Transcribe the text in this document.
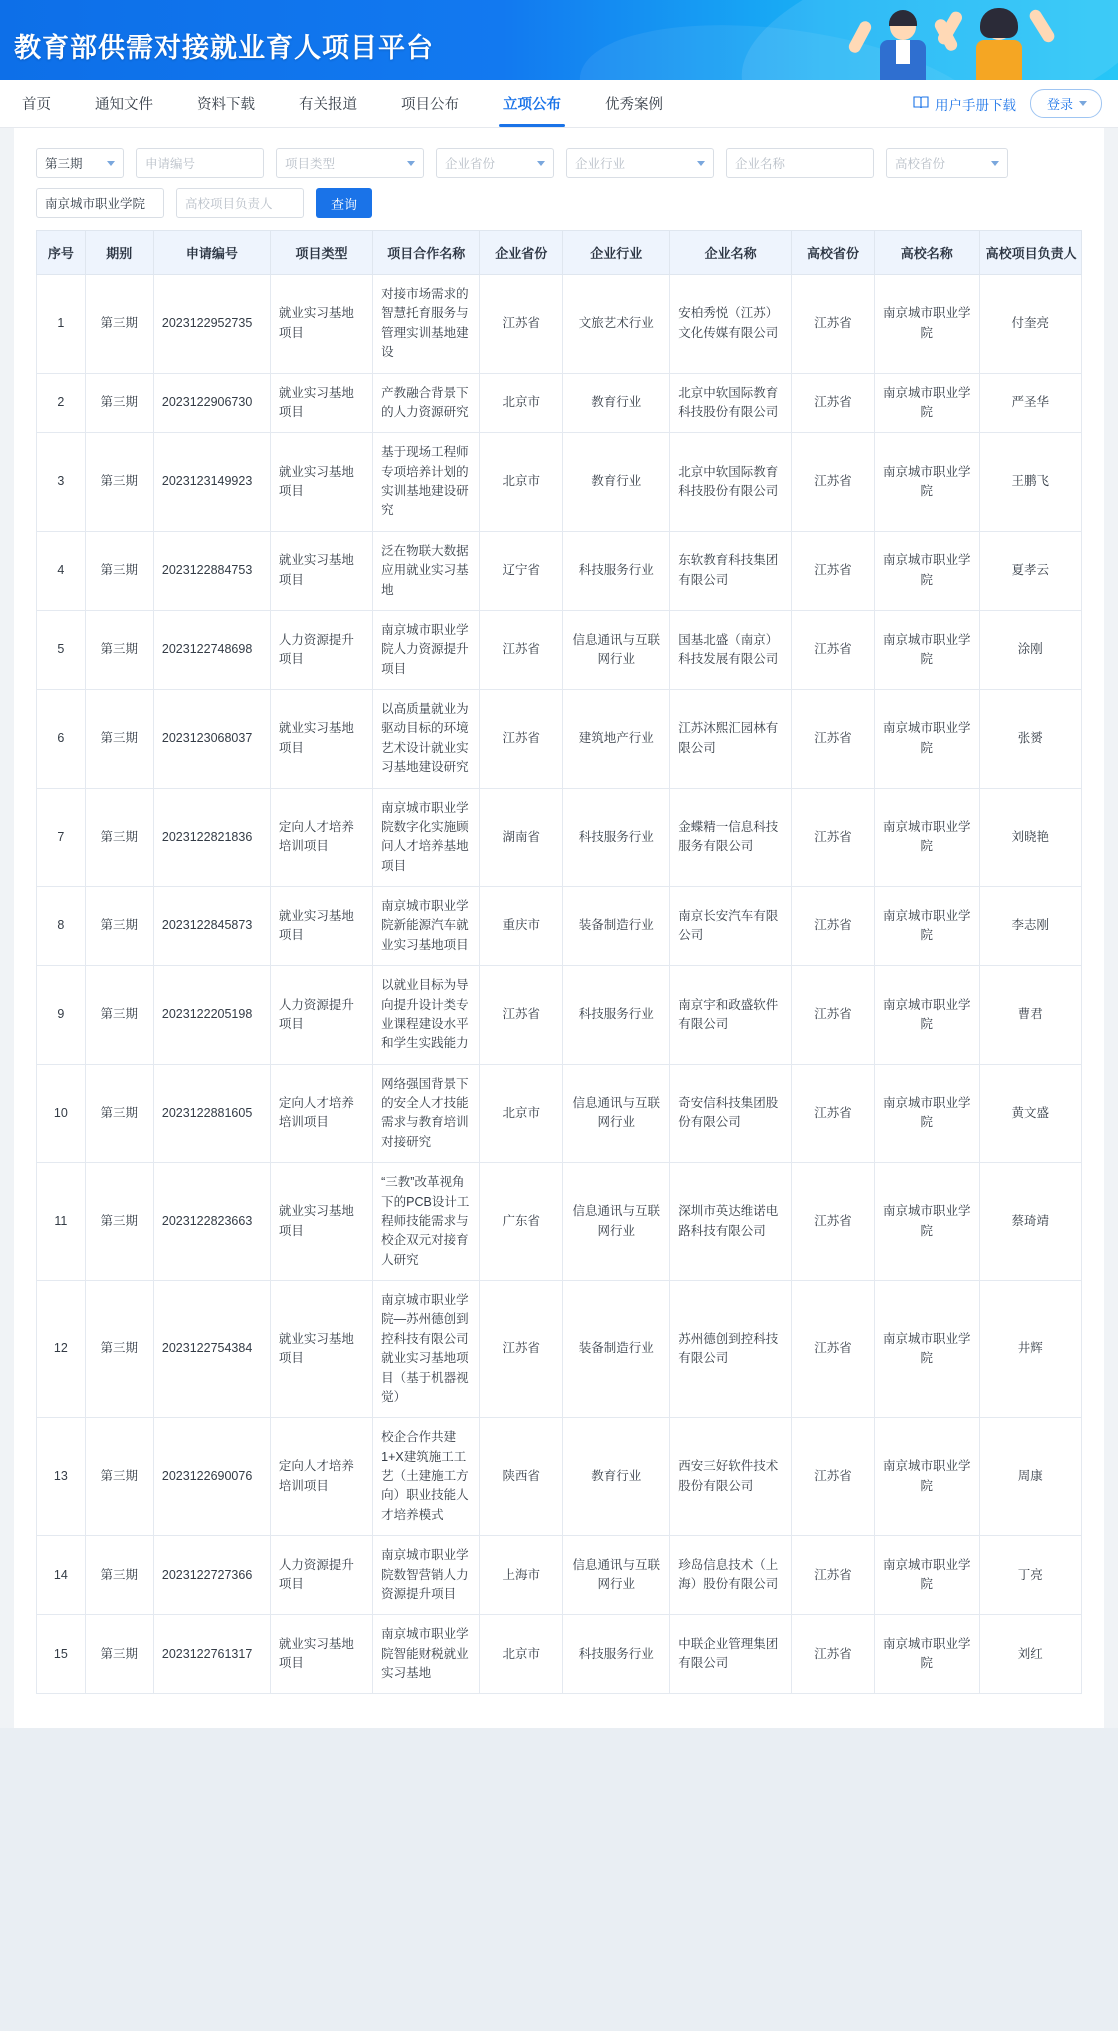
教育部供需对接就业育人项目平台
首页	通知文件	资料下载	有关报道	项目公布	立项公布	优秀案例	用户手册下载 登录
第三期	申请编号	项目类型	企业省份	企业行业	企业名称	高校省份
南京城市职业学院	高校项目负责人	查询
序号	期别	申请编号	项目类型	项目合作名称	企业省份	企业行业	企业名称	高校省份	高校名称	高校项目负责人
1	第三期	2023122952735	就业实习基地项目	对接市场需求的智慧托育服务与管理实训基地建设	江苏省	文旅艺术行业	安柏秀悦（江苏）文化传媒有限公司	江苏省	南京城市职业学院	付奎亮
2	第三期	2023122906730	就业实习基地项目	产教融合背景下的人力资源研究	北京市	教育行业	北京中软国际教育科技股份有限公司	江苏省	南京城市职业学院	严圣华
3	第三期	2023123149923	就业实习基地项目	基于现场工程师专项培养计划的实训基地建设研究	北京市	教育行业	北京中软国际教育科技股份有限公司	江苏省	南京城市职业学院	王鹏飞
4	第三期	2023122884753	就业实习基地项目	泛在物联大数据应用就业实习基地	辽宁省	科技服务行业	东软教育科技集团有限公司	江苏省	南京城市职业学院	夏孝云
5	第三期	2023122748698	人力资源提升项目	南京城市职业学院人力资源提升项目	江苏省	信息通讯与互联网行业	国基北盛（南京）科技发展有限公司	江苏省	南京城市职业学院	涂刚
6	第三期	2023123068037	就业实习基地项目	以高质量就业为驱动目标的环境艺术设计就业实习基地建设研究	江苏省	建筑地产行业	江苏沐熙汇园林有限公司	江苏省	南京城市职业学院	张赟
7	第三期	2023122821836	定向人才培养培训项目	南京城市职业学院数字化实施顾问人才培养基地项目	湖南省	科技服务行业	金蝶精一信息科技服务有限公司	江苏省	南京城市职业学院	刘晓艳
8	第三期	2023122845873	就业实习基地项目	南京城市职业学院新能源汽车就业实习基地项目	重庆市	装备制造行业	南京长安汽车有限公司	江苏省	南京城市职业学院	李志刚
9	第三期	2023122205198	人力资源提升项目	以就业目标为导向提升设计类专业课程建设水平和学生实践能力	江苏省	科技服务行业	南京宇和政盛软件有限公司	江苏省	南京城市职业学院	曹君
10	第三期	2023122881605	定向人才培养培训项目	网络强国背景下的安全人才技能需求与教育培训对接研究	北京市	信息通讯与互联网行业	奇安信科技集团股份有限公司	江苏省	南京城市职业学院	黄文盛
11	第三期	2023122823663	就业实习基地项目	“三教”改革视角下的PCB设计工程师技能需求与校企双元对接育人研究	广东省	信息通讯与互联网行业	深圳市英达维诺电路科技有限公司	江苏省	南京城市职业学院	蔡琦靖
12	第三期	2023122754384	就业实习基地项目	南京城市职业学院—苏州德创到控科技有限公司就业实习基地项目（基于机器视觉）	江苏省	装备制造行业	苏州德创到控科技有限公司	江苏省	南京城市职业学院	井辉
13	第三期	2023122690076	定向人才培养培训项目	校企合作共建1+X建筑施工工艺（土建施工方向）职业技能人才培养模式	陕西省	教育行业	西安三好软件技术股份有限公司	江苏省	南京城市职业学院	周康
14	第三期	2023122727366	人力资源提升项目	南京城市职业学院数智营销人力资源提升项目	上海市	信息通讯与互联网行业	珍岛信息技术（上海）股份有限公司	江苏省	南京城市职业学院	丁亮
15	第三期	2023122761317	就业实习基地项目	南京城市职业学院智能财税就业实习基地	北京市	科技服务行业	中联企业管理集团有限公司	江苏省	南京城市职业学院	刘红
